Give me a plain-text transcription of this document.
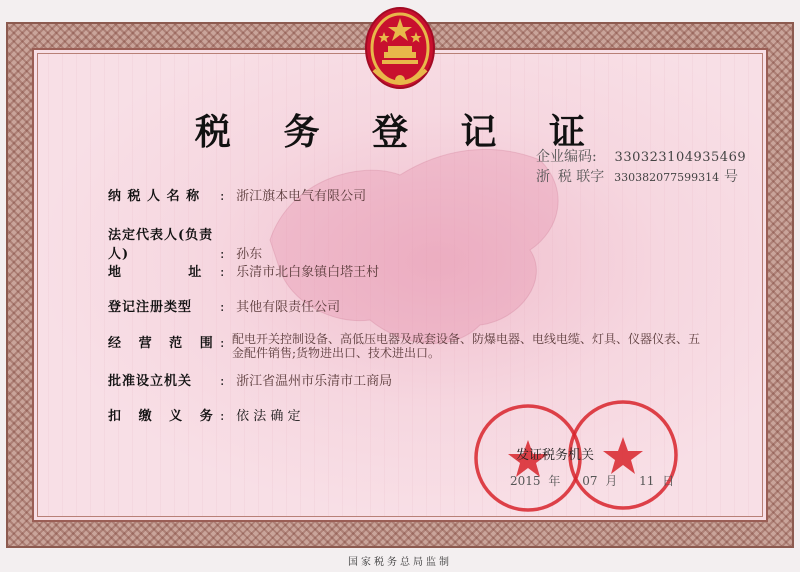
税 务 登 记 证
企业编码: 330323104935469
浙 税 联字 330382077599314 号
纳 税 人 名 称 : 浙江旗本电气有限公司
法定代表人(负责人)	: 孙东
地            址 : 乐清市北白象镇白塔王村
登记注册类型 : 其他有限责任公司
经   营   范   围 : 配电开关控制设备、高低压电器及成套设备、防爆电器、电线电缆、灯具、仪器仪表、五金配件销售;货物进出口、技术进出口。
批准设立机关 : 浙江省温州市乐清市工商局
扣   缴   义   务 : 依 法 确 定
发证税务机关
2015 年 07 月 11 日
国家税务总局监制
